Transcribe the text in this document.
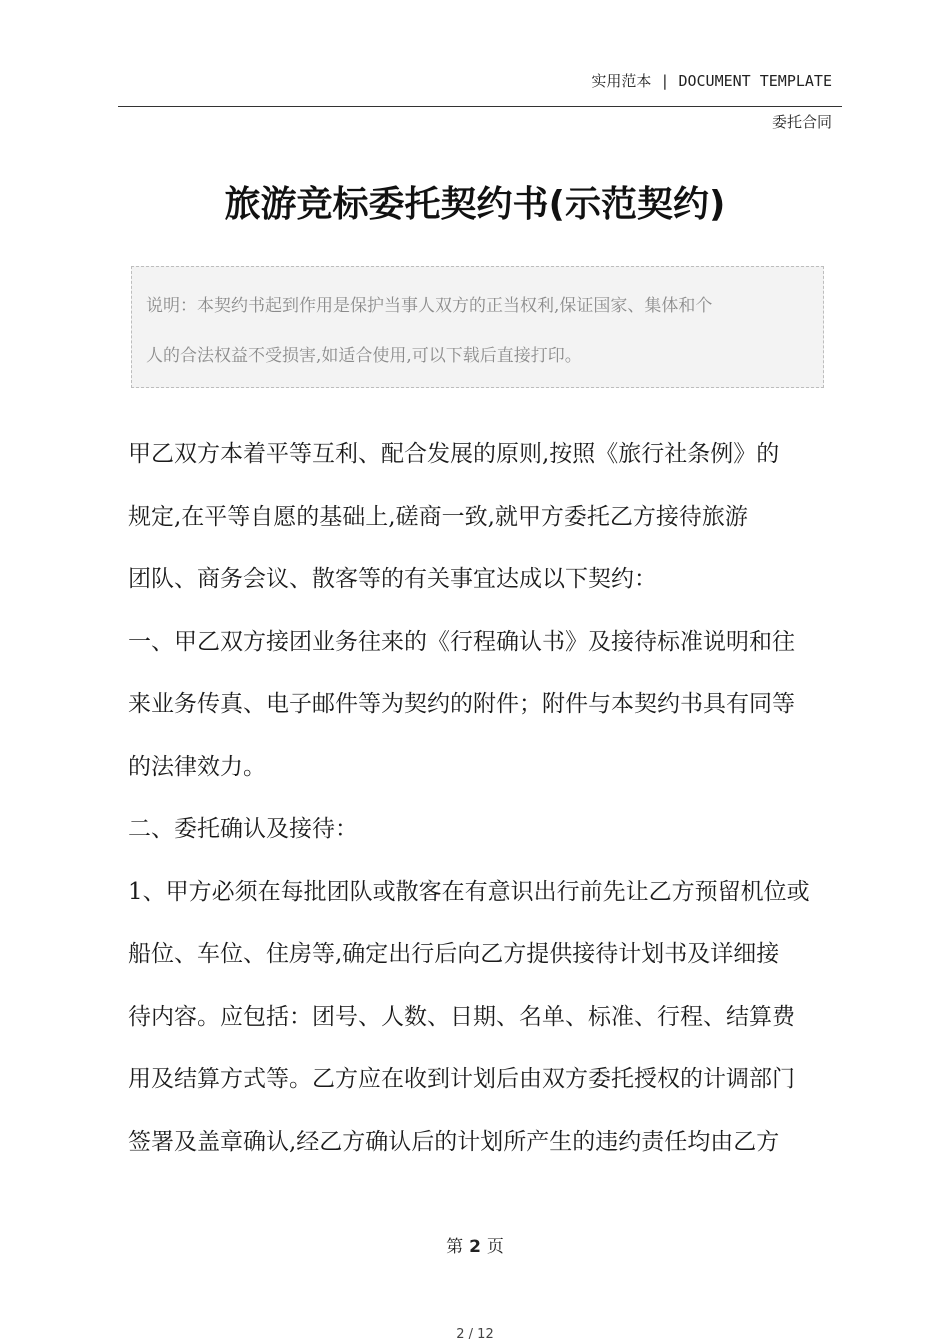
实用范本 | DOCUMENT TEMPLATE
委托合同
旅游竞标委托契约书(示范契约)
说明：本契约书起到作用是保护当事人双方的正当权利,保证国家、集体和个
人的合法权益不受损害,如适合使用,可以下载后直接打印。
甲乙双方本着平等互利、配合发展的原则,按照《旅行社条例》的
规定,在平等自愿的基础上,磋商一致,就甲方委托乙方接待旅游
团队、商务会议、散客等的有关事宜达成以下契约：
一、甲乙双方接团业务往来的《行程确认书》及接待标准说明和往
来业务传真、电子邮件等为契约的附件；附件与本契约书具有同等
的法律效力。
二、委托确认及接待：
1、甲方必须在每批团队或散客在有意识出行前先让乙方预留机位或
船位、车位、住房等,确定出行后向乙方提供接待计划书及详细接
待内容。应包括：团号、人数、日期、名单、标准、行程、结算费
用及结算方式等。乙方应在收到计划后由双方委托授权的计调部门
签署及盖章确认,经乙方确认后的计划所产生的违约责任均由乙方
第 2 页
2 / 12
